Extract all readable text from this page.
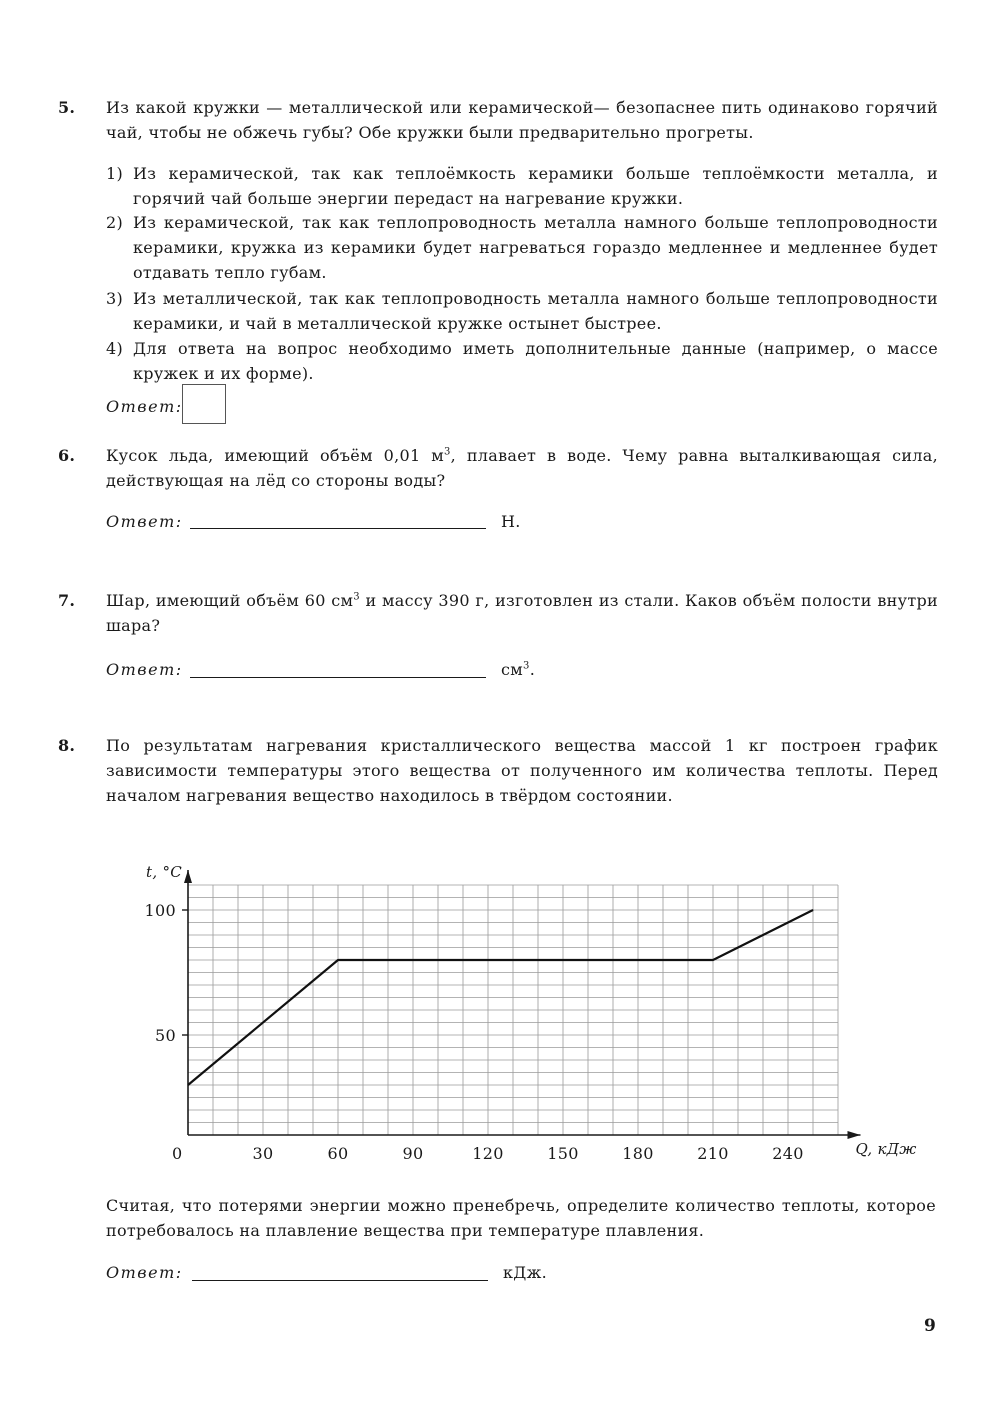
5. Из какой кружки — металлической или керамической— безопаснее пить одинаково горячий чай, чтобы не обжечь губы? Обе кружки были предварительно прогреты.
1) Из керамической, так как теплоёмкость керамики больше теплоёмкости металла, и горячий чай больше энергии передаст на нагревание кружки.
2) Из керамической, так как теплопроводность металла намного больше теплопроводности керамики, кружка из керамики будет нагреваться гораздо медленнее и медленнее будет отдавать тепло губам.
3) Из металлической, так как теплопроводность металла намного больше теплопроводности керамики, и чай в металлической кружке остынет быстрее.
4) Для ответа на вопрос необходимо иметь дополнительные данные (например, о массе кружек и их форме).
Ответ:
6. Кусок льда, имеющий объём 0,01 $м^3$, плавает в воде. Чему равна выталкивающая сила, действующая на лёд со стороны воды?
Ответ:	Н.
7. Шар, имеющий объём 60 $см^3$ и массу 390 г, изготовлен из стали. Каков объём полости внутри шара?
Ответ:	$см^3$.
8. По результатам нагревания кристаллического вещества массой 1 кг построен график зависимости температуры этого вещества от полученного им количества теплоты. Перед началом нагревания вещество находилось в твёрдом состоянии.
t, °C
Q, кДж
0	30	60	90	120	150	180	210	240
50
100
Считая, что потерями энергии можно пренебречь, определите количество теплоты, которое потребовалось на плавление вещества при температуре плавления.
Ответ:	кДж.
9
